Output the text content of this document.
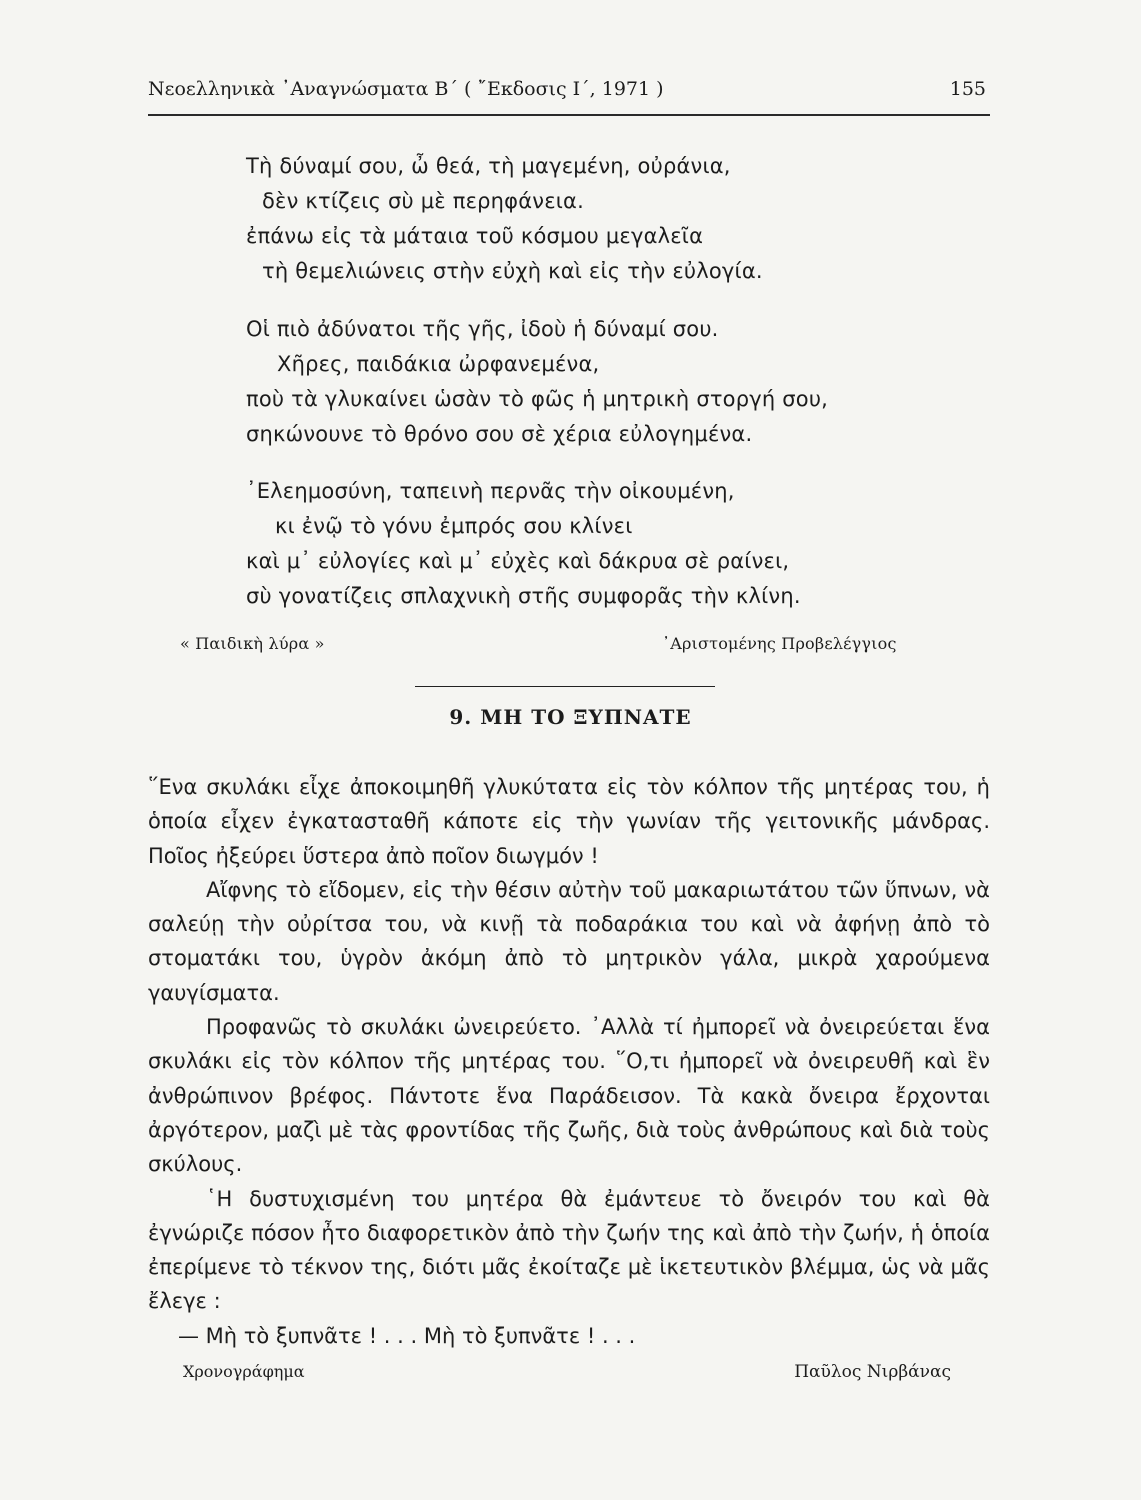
Νεοελληνικὰ ᾿Αναγνώσματα Β΄ ( ῎Εκδοσις Ι΄, 1971 )	155
Τὴ δύναμί σου, ὦ θεά, τὴ μαγεμένη, οὐράνια,
δὲν κτίζεις σὺ μὲ περηφάνεια.
ἐπάνω εἰς τὰ μάταια τοῦ κόσμου μεγαλεῖα
τὴ θεμελιώνεις στὴν εὐχὴ καὶ εἰς τὴν εὐλογία.
Οἱ πιὸ ἀδύνατοι τῆς γῆς, ἰδοὺ ἡ δύναμί σου.
Χῆρες, παιδάκια ὠρφανεμένα,
ποὺ τὰ γλυκαίνει ὡσὰν τὸ φῶς ἡ μητρικὴ στοργή σου,
σηκώνουνε τὸ θρόνο σου σὲ χέρια εὐλογημένα.
᾿Ελεημοσύνη, ταπεινὴ περνᾶς τὴν οἰκουμένη,
κι ἐνῷ τὸ γόνυ ἐμπρός σου κλίνει
καὶ μ᾿ εὐλογίες καὶ μ᾿ εὐχὲς καὶ δάκρυα σὲ ραίνει,
σὺ γονατίζεις σπλαχνικὴ στῆς συμφορᾶς τὴν κλίνη.
« Παιδικὴ λύρα »	᾿Αριστομένης Προβελέγγιος
9. ΜΗ ΤΟ ΞΥΠΝΑΤΕ

῞Ενα σκυλάκι εἶχε ἀποκοιμηθῆ γλυκύτατα εἰς τὸν κόλπον τῆς μητέρας του, ἡ ὁποία εἶχεν ἐγκατασταθῆ κάποτε εἰς τὴν γωνίαν τῆς γειτονικῆς μάνδρας. Ποῖος ἠξεύρει ὕστερα ἀπὸ ποῖον διωγμόν !

Αἴφνης τὸ εἴδομεν, εἰς τὴν θέσιν αὐτὴν τοῦ μακαριωτάτου τῶν ὕπνων, νὰ σαλεύῃ τὴν οὐρίτσα του, νὰ κινῇ τὰ ποδαράκια του καὶ νὰ ἀφήνῃ ἀπὸ τὸ στοματάκι του, ὑγρὸν ἀκόμη ἀπὸ τὸ μητρικὸν γάλα, μικρὰ χαρούμενα γαυγίσματα.

Προφανῶς τὸ σκυλάκι ὠνειρεύετο. ᾿Αλλὰ τί ἠμπορεῖ νὰ ὀνειρεύεται ἕνα σκυλάκι εἰς τὸν κόλπον τῆς μητέρας του. ῞Ο,τι ἠμπορεῖ νὰ ὀνειρευθῆ καὶ ἓν ἀνθρώπινον βρέφος. Πάντοτε ἕνα Παράδεισον. Τὰ κακὰ ὄνειρα ἔρχονται ἀργότερον, μαζὶ μὲ τὰς φροντίδας τῆς ζωῆς, διὰ τοὺς ἀνθρώπους καὶ διὰ τοὺς σκύλους.

῾Η δυστυχισμένη του μητέρα θὰ ἐμάντευε τὸ ὄνειρόν του καὶ θὰ ἐγνώριζε πόσον ἦτο διαφορετικὸν ἀπὸ τὴν ζωήν της καὶ ἀπὸ τὴν ζωήν, ἡ ὁποία ἐπερίμενε τὸ τέκνον της, διότι μᾶς ἐκοίταζε μὲ ἱκετευτικὸν βλέμμα, ὡς νὰ μᾶς ἔλεγε :

— Μὴ τὸ ξυπνᾶτε ! . . . Μὴ τὸ ξυπνᾶτε ! . . .

Χρονογράφημα	Παῦλος Νιρβάνας
